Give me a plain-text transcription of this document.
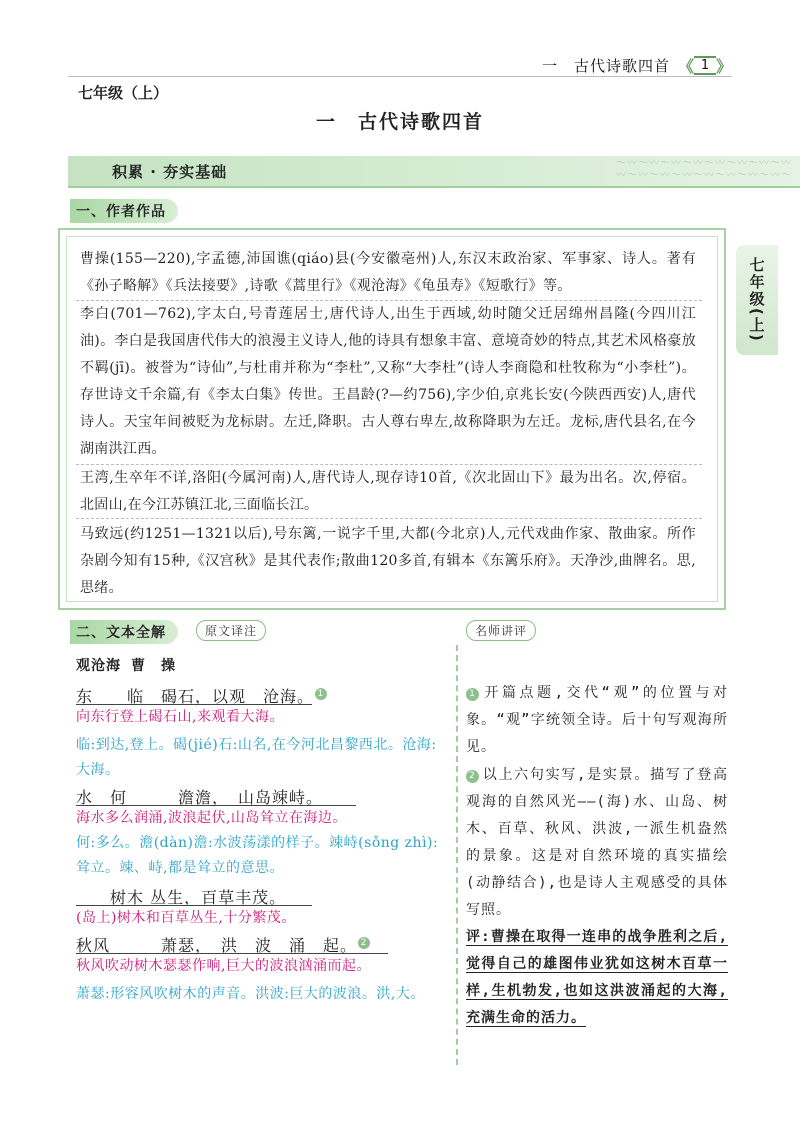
一　古代诗歌四首 《 1 》
七年级（上）
一　古代诗歌四首
积累 · 夯实基础	〜〰〜〰〜〰〜〰〜〰〜〰〜〰〜〰
〰〜〰〜〰〜〰〜〰〜〰〜〰〜〰〜
一、作者作品
曹操(155—220),字孟德,沛国谯(qiáo)县(今安徽亳州)人,东汉末政治家、军事家、诗人。著有《孙子略解》《兵法接要》,诗歌《蒿里行》《观沧海》《龟虽寿》《短歌行》等。
李白(701—762),字太白,号青莲居士,唐代诗人,出生于西域,幼时随父迁居绵州昌隆(今四川江油)。李白是我国唐代伟大的浪漫主义诗人,他的诗具有想象丰富、意境奇妙的特点,其艺术风格豪放不羁(jī)。被誉为“诗仙”,与杜甫并称为“李杜”,又称“大李杜”(诗人李商隐和杜牧称为“小李杜”)。存世诗文千余篇,有《李太白集》传世。王昌龄(?—约756),字少伯,京兆长安(今陕西西安)人,唐代诗人。天宝年间被贬为龙标尉。左迁,降职。古人尊右卑左,故称降职为左迁。龙标,唐代县名,在今湖南洪江西。
王湾,生卒年不详,洛阳(今属河南)人,唐代诗人,现存诗10首,《次北固山下》最为出名。次,停宿。北固山,在今江苏镇江北,三面临长江。
马致远(约1251—1321以后),号东篱,一说字千里,大都(今北京)人,元代戏曲作家、散曲家。所作杂剧今知有15种,《汉宫秋》是其代表作;散曲120多首,有辑本《东篱乐府》。天净沙,曲牌名。思,思绪。
七年级(上)
二、文本全解	原文译注	名师讲评
观沧海 曹　操
东　　临　碣石，以观　沧海。 1
向东行登上碣石山,来观看大海。
临:到达,登上。碣(jié)石:山名,在今河北昌黎西北。沧海:大海。
水　何　　　澹澹，　山岛竦峙。
海水多么润涌,波浪起伏,山岛耸立在海边。
何:多么。澹(dàn)澹:水波荡漾的样子。竦峙(sǒng zhì):耸立。竦、峙,都是耸立的意思。
　　树木 丛生，百草丰茂。
(岛上)树木和百草丛生,十分繁茂。
秋风　　　萧瑟，　洪　波　涌　起。 2
秋风吹动树木瑟瑟作响,巨大的波浪汹涌而起。
萧瑟:形容风吹树木的声音。洪波:巨大的波浪。洪,大。
1 开篇点题,交代“观”的位置与对象。“观”字统领全诗。后十句写观海所见。
2 以上六句实写,是实景。描写了登高观海的自然风光——(海)水、山岛、树木、百草、秋风、洪波,一派生机盎然的景象。这是对自然环境的真实描绘(动静结合),也是诗人主观感受的具体写照。
评:曹操在取得一连串的战争胜利之后,觉得自己的雄图伟业犹如这树木百草一样,生机勃发,也如这洪波涌起的大海,充满生命的活力。
